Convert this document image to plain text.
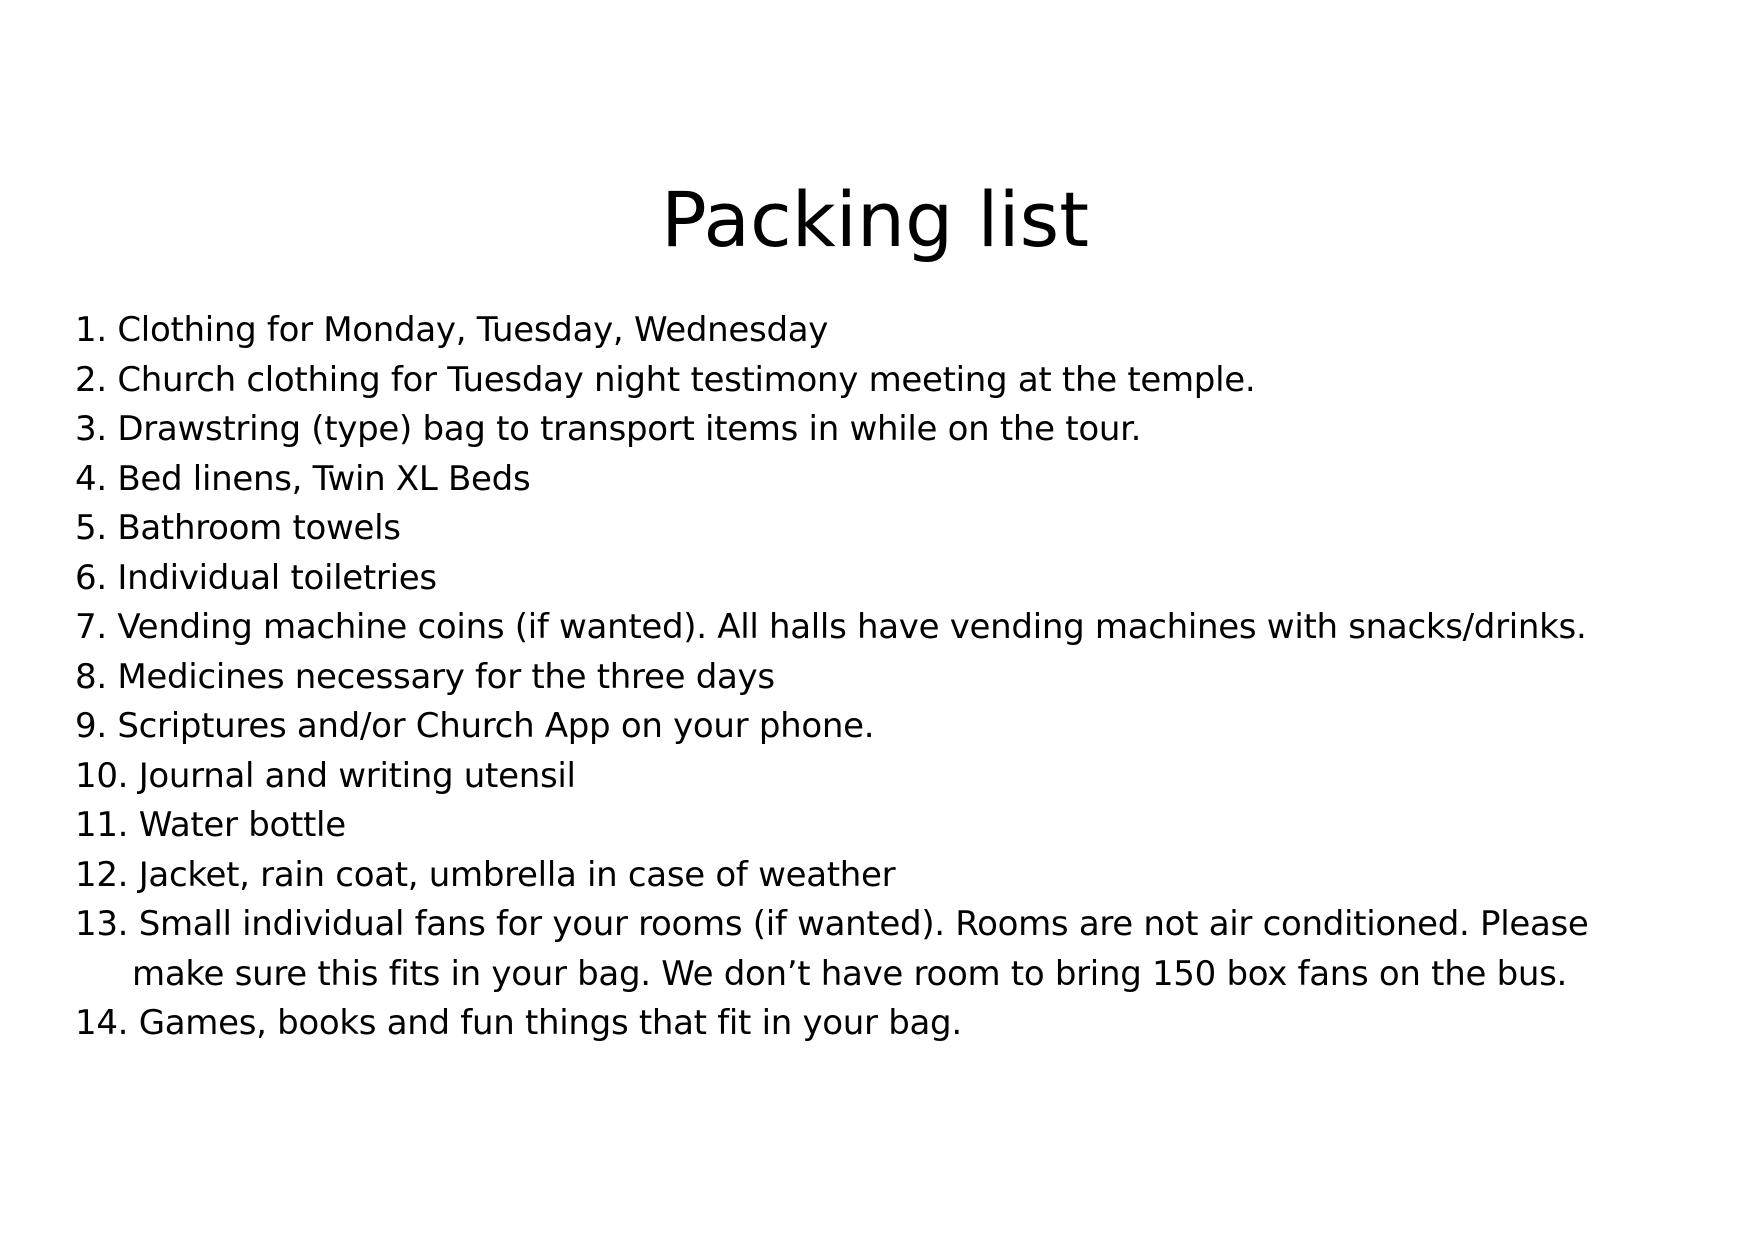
Packing list
1. Clothing for Monday, Tuesday, Wednesday
2. Church clothing for Tuesday night testimony meeting at the temple.
3. Drawstring (type) bag to transport items in while on the tour.
4. Bed linens, Twin XL Beds
5. Bathroom towels
6. Individual toiletries
7. Vending machine coins (if wanted). All halls have vending machines with snacks/drinks.
8. Medicines necessary for the three days
9. Scriptures and/or Church App on your phone.
10. Journal and writing utensil
11. Water bottle
12. Jacket, rain coat, umbrella in case of weather
13. Small individual fans for your rooms (if wanted). Rooms are not air conditioned. Please
make sure this fits in your bag. We don’t have room to bring 150 box fans on the bus.
14. Games, books and fun things that fit in your bag.
